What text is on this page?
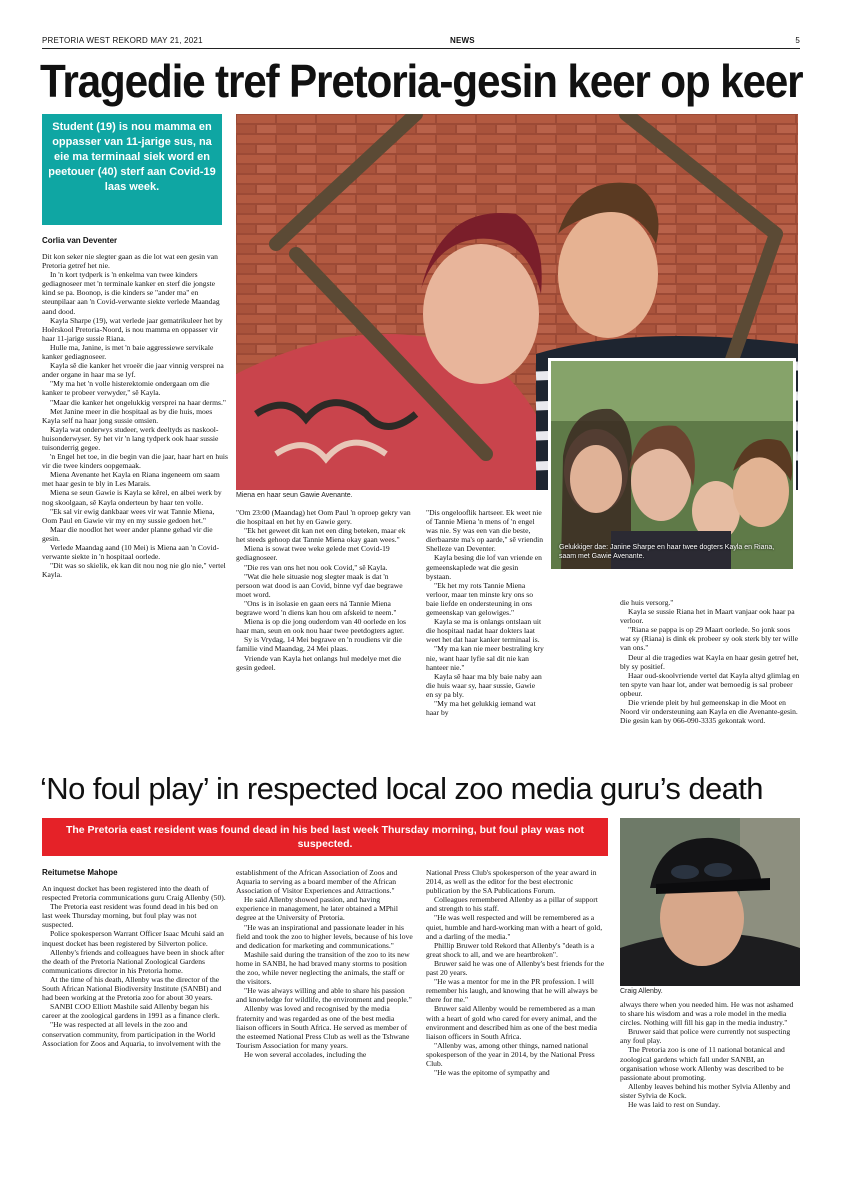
PRETORIA WEST REKORD MAY 21, 2021	NEWS	5
Tragedie tref Pretoria-gesin keer op keer
Student (19) is nou mamma en oppasser van 11-jarige sus, na eie ma terminaal siek word en peetouer (40) sterf aan Covid-19 laas week.
Corlia van Deventer

Dit kon seker nie slegter gaan as die lot wat een gesin van Pretoria getref het nie.

In 'n kort tydperk is 'n enkelma van twee kinders gediagnoseer met 'n terminale kanker en sterf die jongste kind se pa. Boonop, is die kinders se "ander ma" en steunpilaar aan 'n Covid-verwante siekte verlede Maandag aand dood.

Kayla Sharpe (19), wat verlede jaar gematrikuleer het by Hoërskool Pretoria-Noord, is nou mamma en oppasser vir haar 11-jarige sussie Riana.

Hulle ma, Janine, is met 'n baie aggressiewe servikale kanker gediagnoseer.

Kayla sê die kanker het vroeër die jaar vinnig versprei na ander organe in haar ma se lyf.

"My ma het 'n volle histerektomie ondergaan om die kanker te probeer verwyder," sê Kayla.

"Maar die kanker het ongelukkig versprei na haar derms."

Met Janine meer in die hospitaal as by die huis, moes Kayla self na haar jong sussie omsien.

Kayla wat onderwys studeer, werk deeltyds as naskool-huisonderwyser. Sy het vir 'n lang tydperk ook haar sussie tuisonderrig gegee.

'n Engel het toe, in die begin van die jaar, haar hart en huis vir die twee kinders oopgemaak.

Miena Avenante het Kayla en Riana ingeneem om saam met haar gesin te bly in Les Marais.

Miena se seun Gawie is Kayla se kêrel, en albei werk by nog skoolgaan, sê Kayla onderteun by haar ten volle.

"Ek sal vir ewig dankbaar wees vir wat Tannie Miena, Oom Paul en Gawie vir my en my sussie gedoen het."

Maar die noodlot het weer ander planne gehad vir die gesin.

Verlede Maandag aand (10 Mei) is Miena aan 'n Covid-verwante siekte in 'n hospitaal oorlede.

"Dit was so skielik, ek kan dit nou nog nie glo nie," vertel Kayla.

Miena en haar seun Gawie Avenante.
Gelukkiger dae: Janine Sharpe en haar twee dogters Kayla en Riana, saam met Gawie Avenante.

"Om 23:00 (Maandag) het Oom Paul 'n oproep gekry van die hospitaal en het hy en Gawie gery.

"Ek het geweet dit kan net een ding beteken, maar ek het steeds gehoop dat Tannie Miena okay gaan wees."

Miena is sowat twee weke gelede met Covid-19 gediagnoseer.

"Die res van ons het nou ook Covid," sê Kayla.

"Wat die hele situasie nog slegter maak is dat 'n persoon wat dood is aan Covid, binne vyf dae begrawe moet word.

"Ons is in isolasie en gaan eers ná Tannie Miena begrawe word 'n diens kan hou om afskeid te neem."

Miena is op die jong ouderdom van 40 oorlede en los haar man, seun en ook nou haar twee peetdogters agter.

Sy is Vrydag, 14 Mei begrawe en 'n roudiens vir die familie vind Maandag, 24 Mei plaas.

Vriende van Kayla het onlangs hul medelye met die gesin gedeel.

"Dis ongelooflik hartseer. Ek weet nie of Tannie Miena 'n mens of 'n engel was nie. Sy was een van die beste, dierbaarste ma's op aarde," sê vriendin Shelleze van Deventer.

Kayla besing die lof van vriende en gemeenskaplede wat die gesin bystaan.

"Ek het my rots Tannie Miena verloor, maar ten minste kry ons so baie liefde en ondersteuning in ons gemeenskap van gelowiges."

Kayla se ma is onlangs ontslaan uit die hospitaal nadat haar dokters laat weet het dat haar kanker terminaal is.

"My ma kan nie meer bestraling kry nie, want haar lyfie sal dit nie kan hanteer nie."

Kayla sê haar ma bly baie naby aan die huis waar sy, haar sussie, Gawie en sy pa bly.

"My ma het gelukkig iemand wat haar by

die huis versorg."

Kayla se sussie Riana het in Maart vanjaar ook haar pa verloor.

"Riana se pappa is op 29 Maart oorlede. So jonk soos wat sy (Riana) is dink ek probeer sy ook sterk bly ter wille van ons."

Deur al die tragedies wat Kayla en haar gesin getref het, bly sy positief.

Haar oud-skoolvriende vertel dat Kayla altyd glimlag en ten spyte van haar lot, ander wat bemoedig is sal probeer opbeur.

Die vriende pleit by hul gemeenskap in die Moot en Noord vir ondersteuning aan Kayla en die Avenante-gesin. Die gesin kan by 066-090-3335 gekontak word.

‘No foul play’ in respected local zoo media guru’s death
The Pretoria east resident was found dead in his bed last week Thursday morning, but foul play was not suspected.
Reitumetse Mahope

An inquest docket has been registered into the death of respected Pretoria communications guru Craig Allenby (50).

The Pretoria east resident was found dead in his bed on last week Thursday morning, but foul play was not suspected.

Police spokesperson Warrant Officer Isaac Mcuhi said an inquest docket has been registered by Silverton police.

Allenby's friends and colleagues have been in shock after the death of the Pretoria National Zoological Gardens communications director in his Pretoria home.

At the time of his death, Allenby was the director of the South African National Biodiversity Institute (SANBI) and had been working at the Pretoria zoo for about 30 years.

SANBI COO Elliott Mashile said Allenby began his career at the zoological gardens in 1991 as a finance clerk.

"He was respected at all levels in the zoo and conservation community, from participation in the World Association for Zoos and Aquaria, to involvement with the

establishment of the African Association of Zoos and Aquaria to serving as a board member of the African Association of Visitor Experiences and Attractions."

He said Allenby showed passion, and having experience in management, he later obtained a MPhil degree at the University of Pretoria.

"He was an inspirational and passionate leader in his field and took the zoo to higher levels, because of his love and dedication for marketing and communications."

Mashile said during the transition of the zoo to its new home in SANBI, he had braved many storms to position the zoo, while never neglecting the animals, the staff or the visitors.

"He was always willing and able to share his passion and knowledge for wildlife, the environment and people."

Allenby was loved and recognised by the media fraternity and was regarded as one of the best media liaison officers in South Africa. He served as member of the esteemed National Press Club as well as the Tshwane Tourism Association for many years.

He won several accolades, including the

National Press Club's spokesperson of the year award in 2014, as well as the editor for the best electronic publication by the SA Publications Forum.

Colleagues remembered Allenby as a pillar of support and strength to his staff.

"He was well respected and will be remembered as a quiet, humble and hard-working man with a heart of gold, and a darling of the media."

Phillip Bruwer told Rekord that Allenby's "death is a great shock to all, and we are heartbroken".

Bruwer said he was one of Allenby's best friends for the past 20 years.

"He was a mentor for me in the PR profession. I will remember his laugh, and knowing that he will always be there for me."

Bruwer said Allenby would be remembered as a man with a heart of gold who cared for every animal, and the environment and described him as one of the best media liaison officers in South Africa.

"Allenby was, among other things, named national spokesperson of the year in 2014, by the National Press Club.

"He was the epitome of sympathy and

Craig Allenby.

always there when you needed him. He was not ashamed to share his wisdom and was a role model in the media circles. Nothing will fill his gap in the media industry."

Bruwer said that police were currently not suspecting any foul play.

The Pretoria zoo is one of 11 national botanical and zoological gardens which fall under SANBI, an organisation whose work Allenby was described to be passionate about promoting.

Allenby leaves behind his mother Sylvia Allenby and sister Sylvia de Kock.

He was laid to rest on Sunday.
